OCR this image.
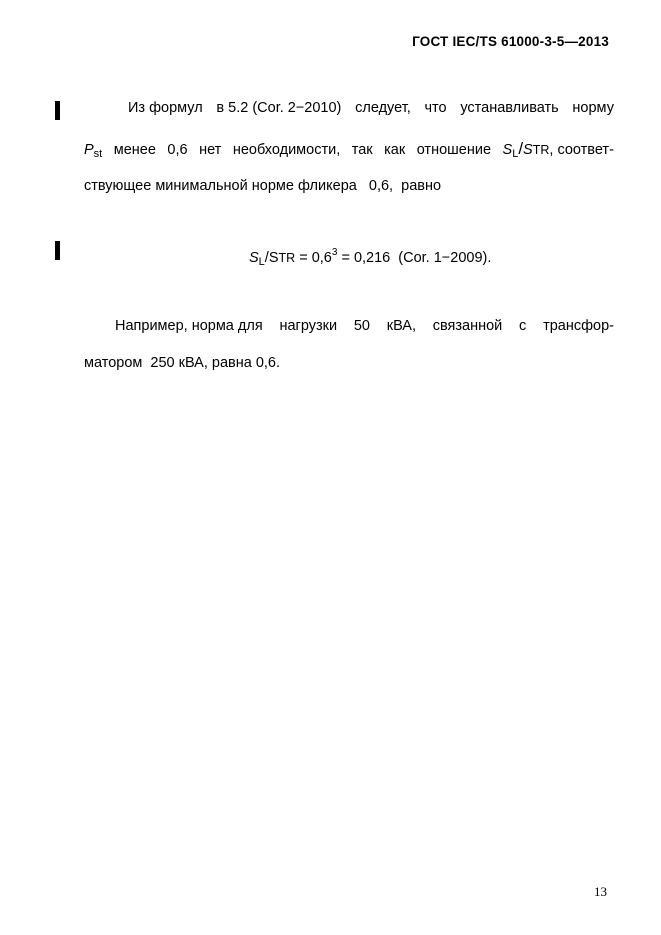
ГОСТ IEC/TS 61000-3-5—2013
Из формул в 5.2 (Cor. 2−2010) следует, что устанавливать норму
$P_{st}$ менее 0,6 нет необходимости, так как отношение $S_L$/STR, соответ-
ствующее минимальной норме фликера   0,6,  равно
$S_L$/STR = $0,6^3 = 0,216$  (Cor. 1−2009).
Например, норма для нагрузки 50 кВА, связанной с трансфор-
матором  250 кВА, равна 0,6.
13
